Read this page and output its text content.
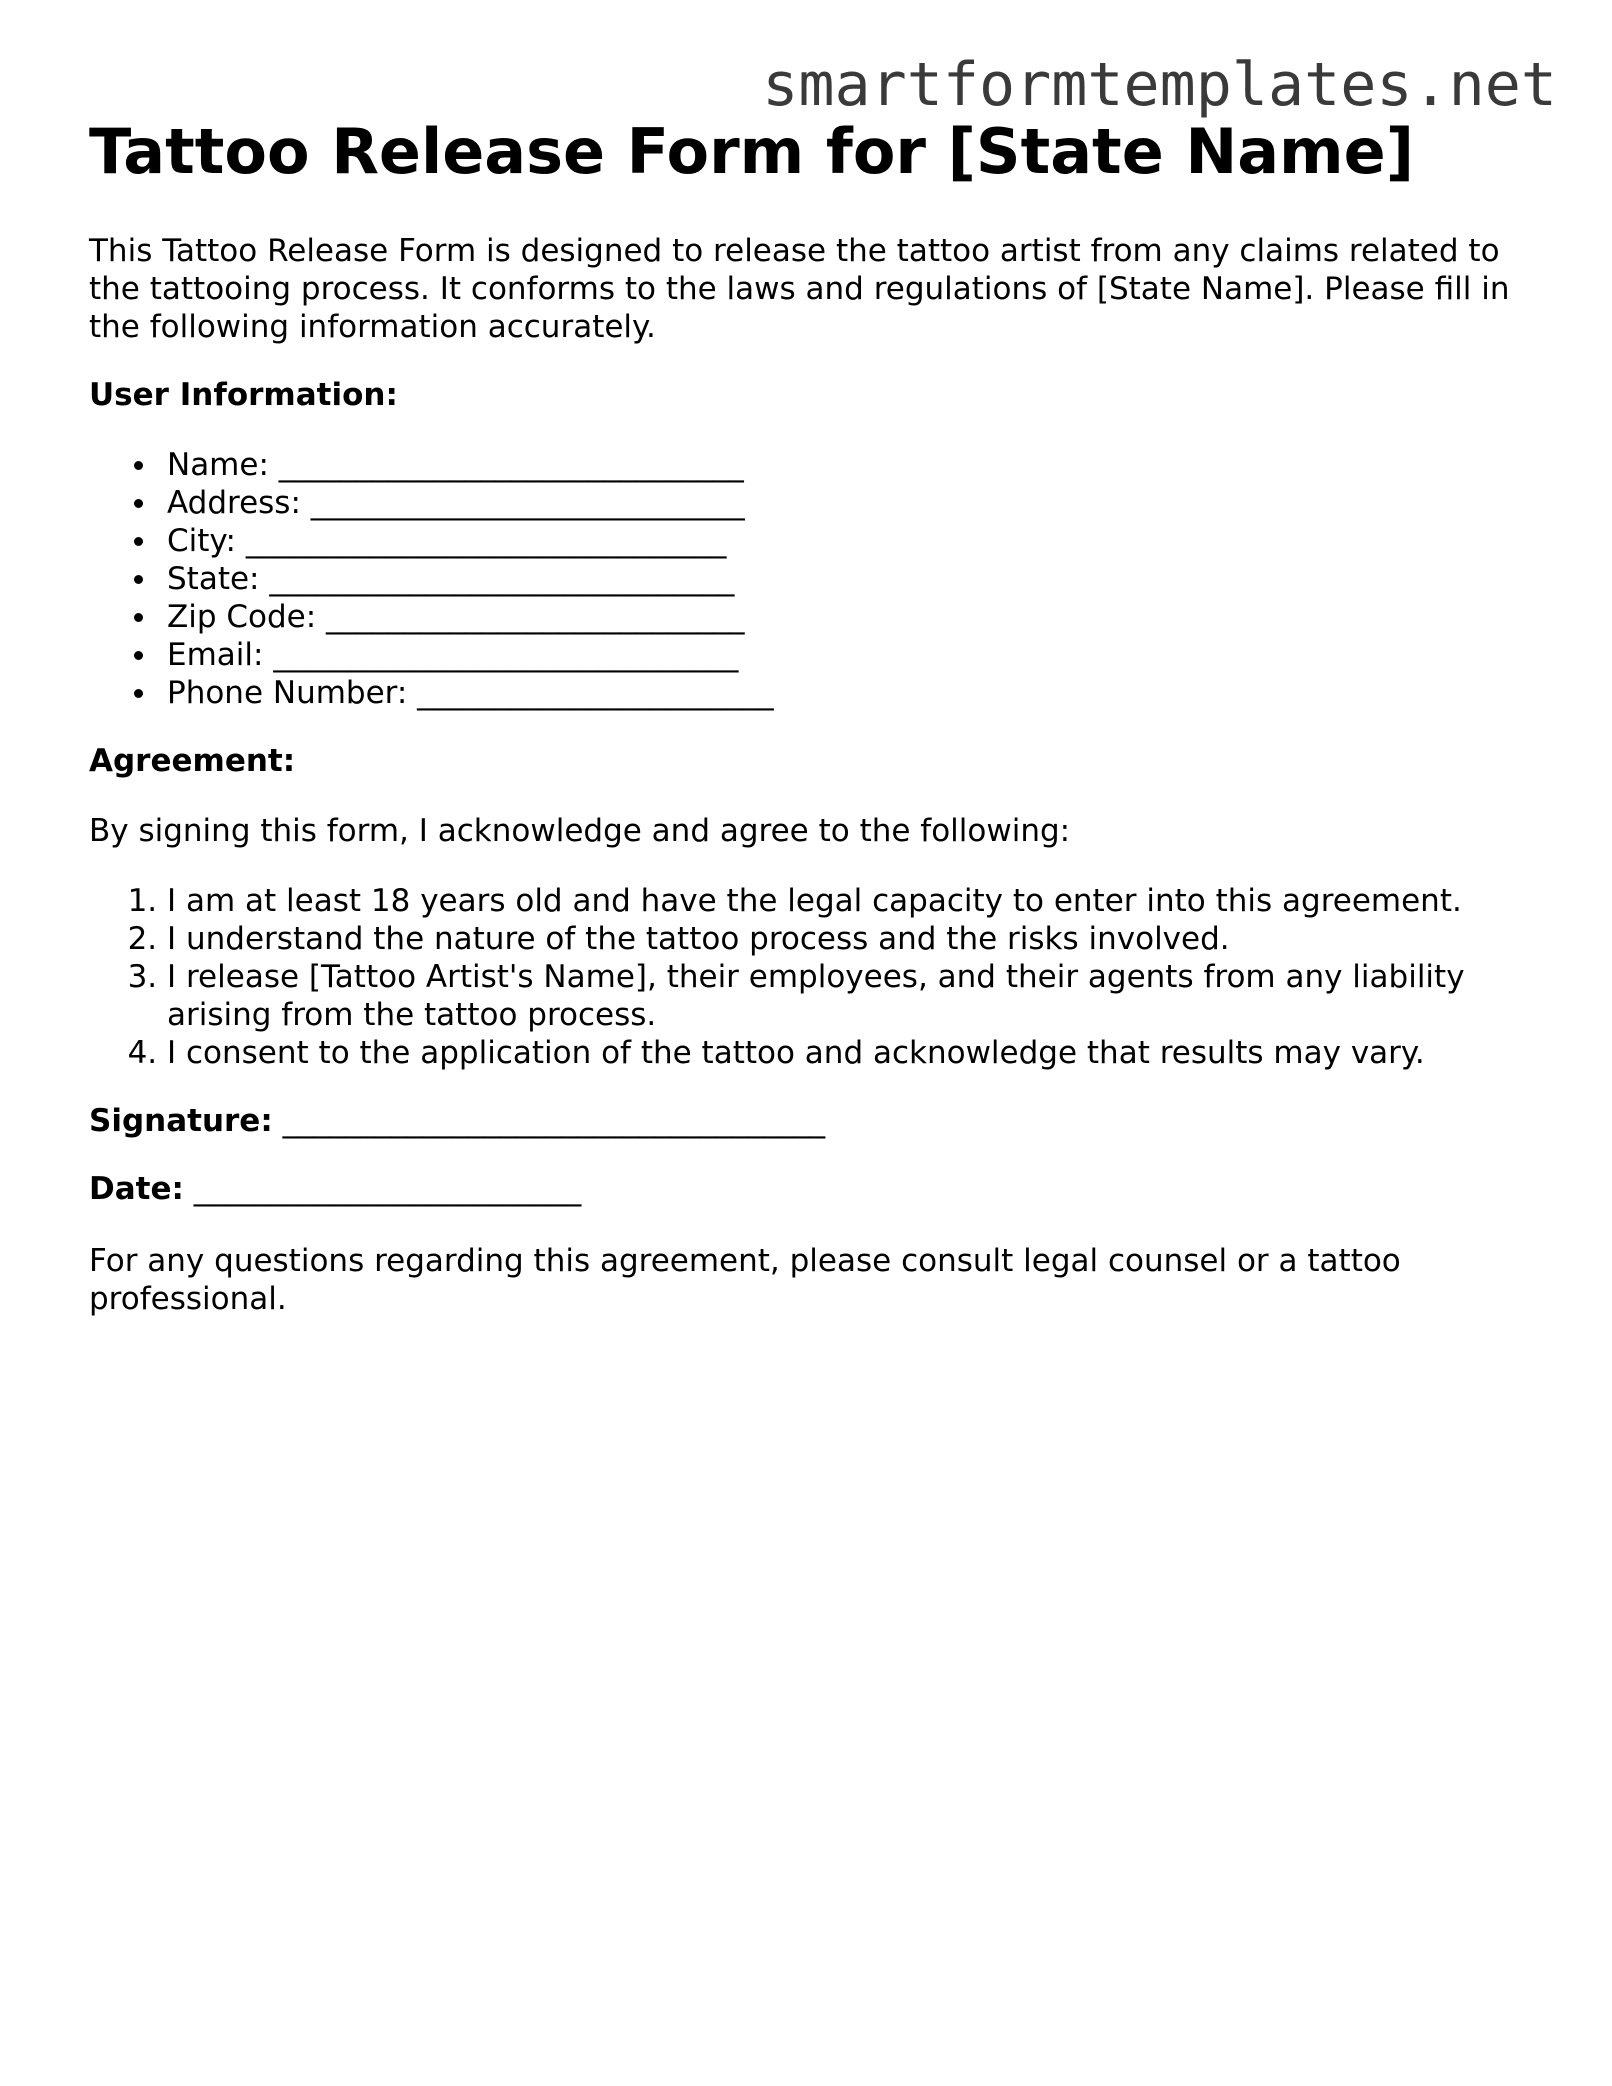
smartformtemplates.net
Tattoo Release Form for [State Name]

This Tattoo Release Form is designed to release the tattoo artist from any claims related to the tattooing process. It conforms to the laws and regulations of [State Name]. Please fill in the following information accurately.

User Information:

Name: ______________________________
Address: ____________________________
City: _______________________________
State: ______________________________
Zip Code: ___________________________
Email: ______________________________
Phone Number: _______________________

Agreement:

By signing this form, I acknowledge and agree to the following:

1. I am at least 18 years old and have the legal capacity to enter into this agreement.
2. I understand the nature of the tattoo process and the risks involved.
3. I release [Tattoo Artist's Name], their employees, and their agents from any liability arising from the tattoo process.
4. I consent to the application of the tattoo and acknowledge that results may vary.

Signature: ___________________________________

Date: _________________________

For any questions regarding this agreement, please consult legal counsel or a tattoo professional.
